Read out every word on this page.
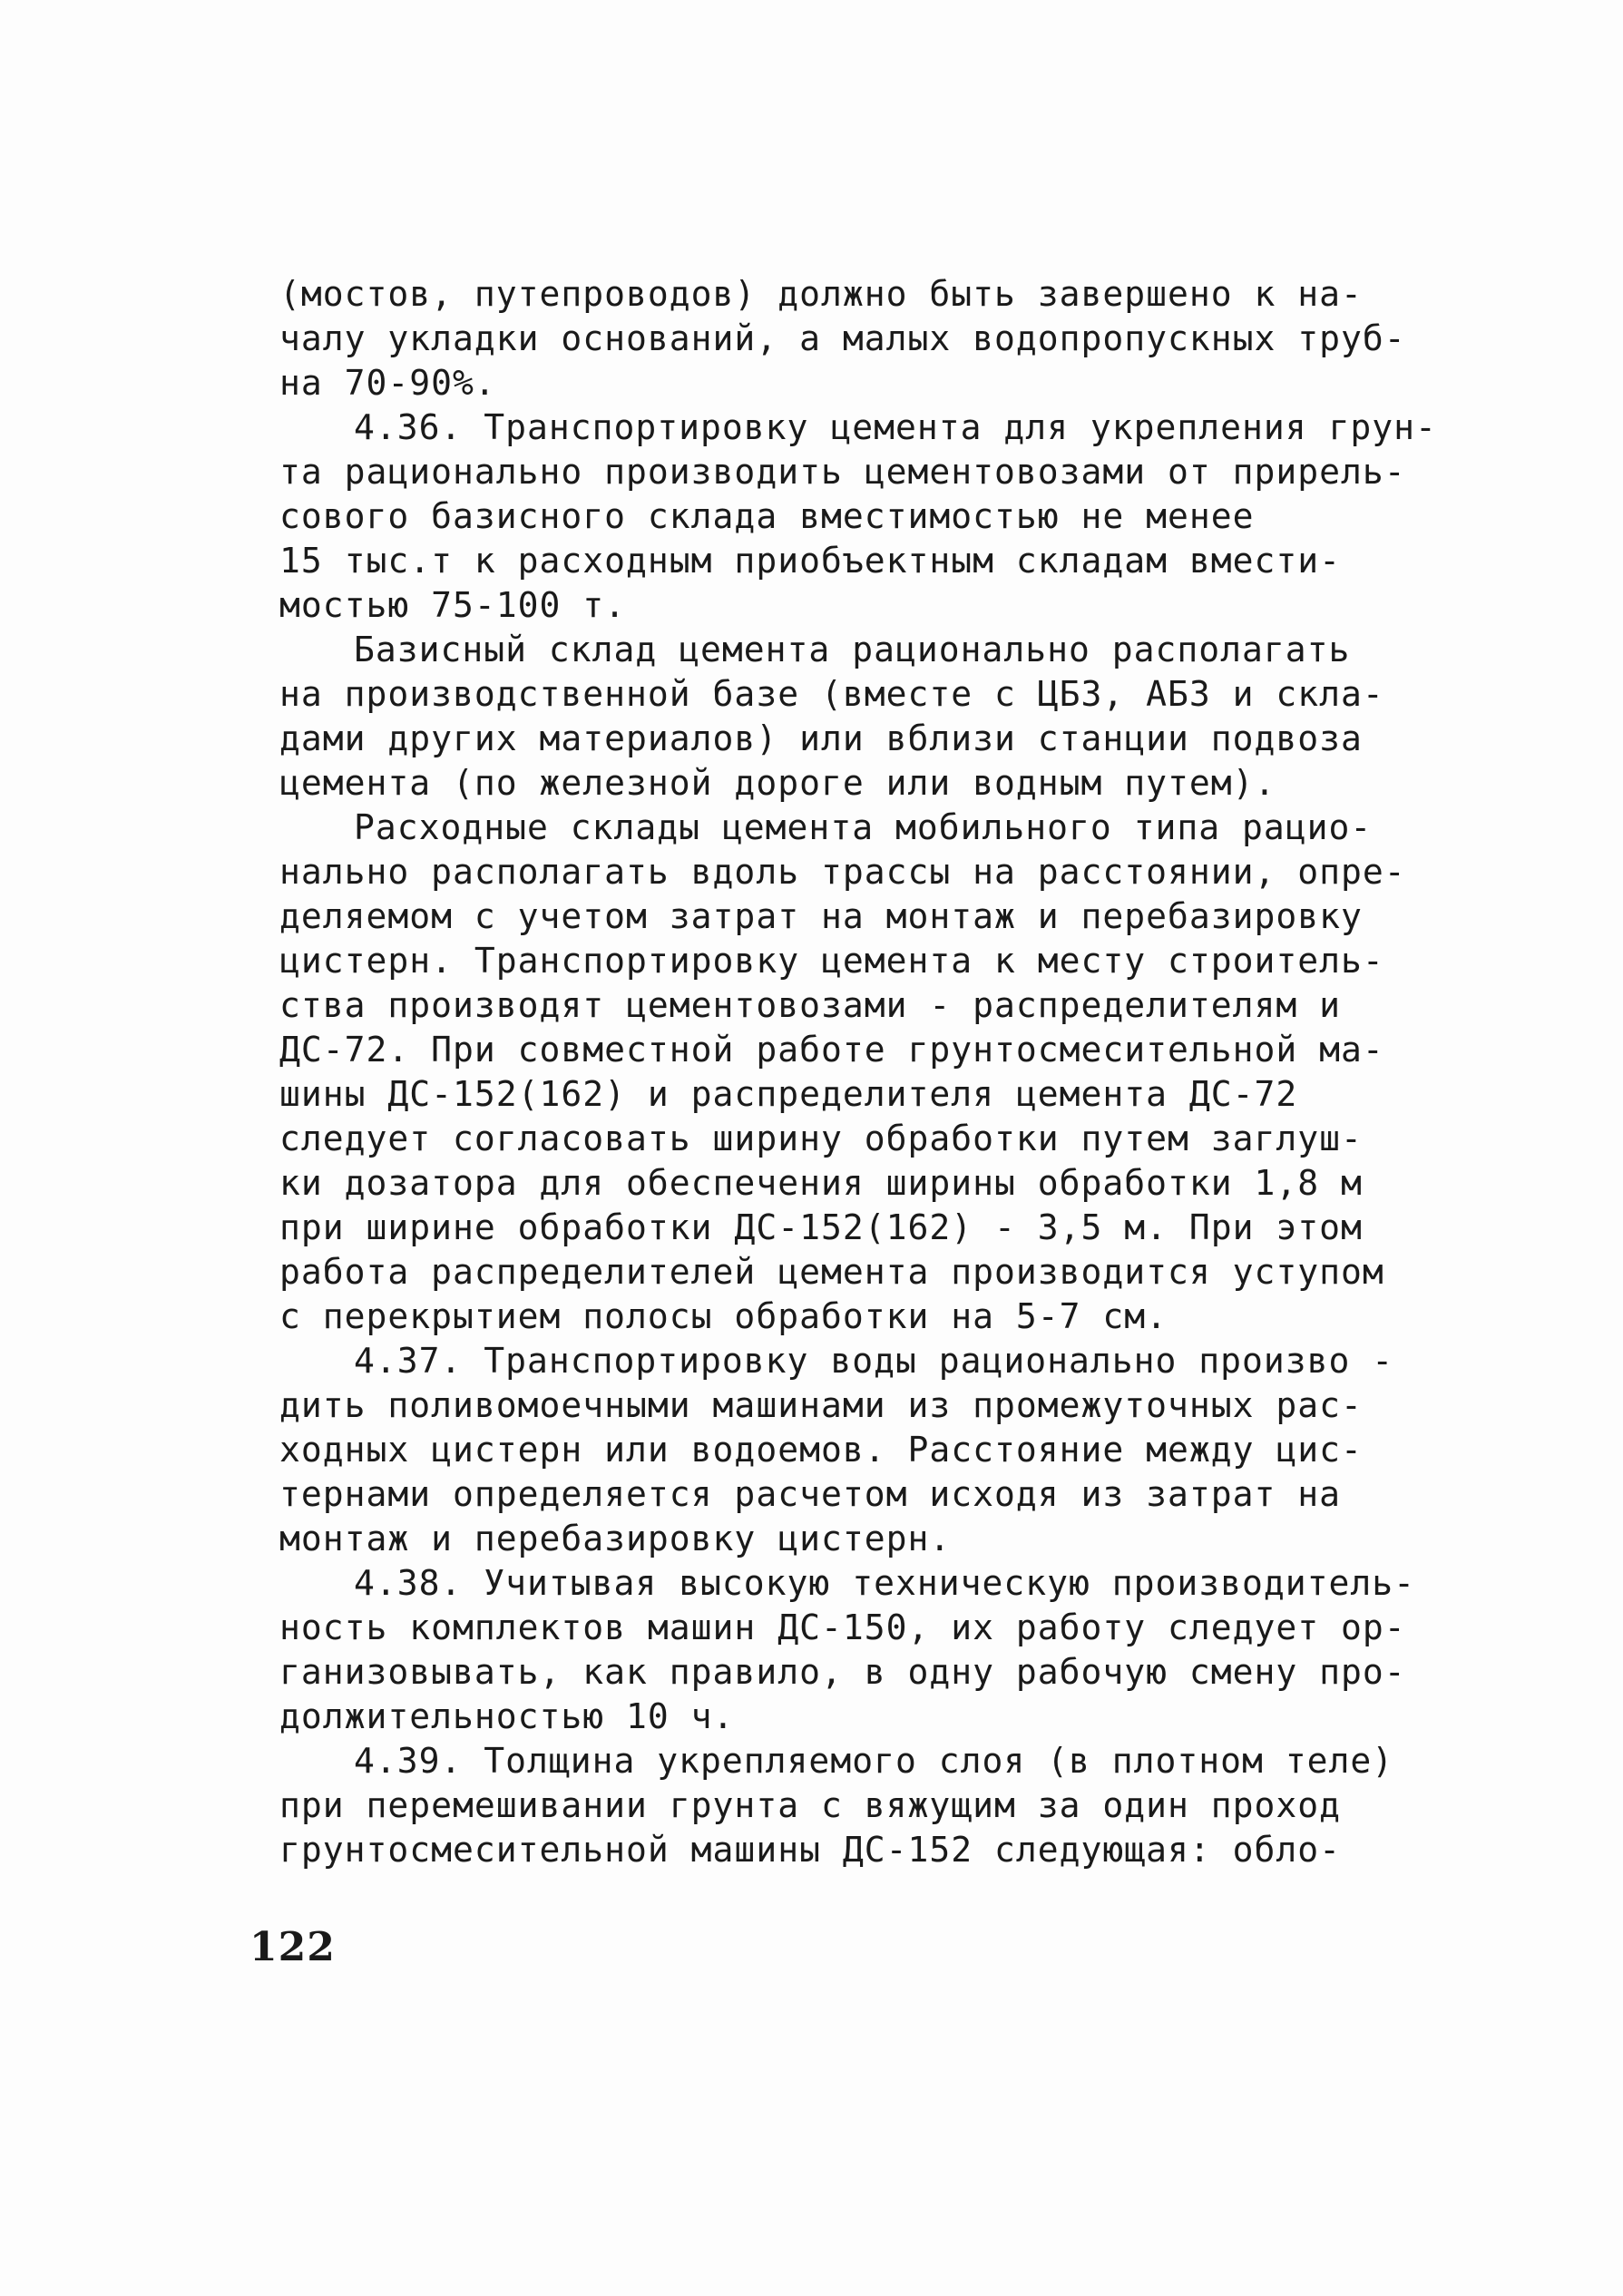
(мостов, путепроводов) должно быть завершено к на-
чалу укладки оснований, а малых водопропускных труб-
на 70-90%.
4.36. Транспортировку цемента для укрепления грун-
та рационально производить цементовозами от прирель-
сового базисного склада вместимостью не менее
15 тыс.т к расходным приобъектным складам вмести-
мостью 75-100 т.
Базисный склад цемента рационально располагать
на производственной базе (вместе с ЦБЗ, АБЗ и скла-
дами других материалов) или вблизи станции подвоза
цемента (по железной дороге или водным путем).
Расходные склады цемента мобильного типа рацио-
нально располагать вдоль трассы на расстоянии, опре-
деляемом с учетом затрат на монтаж и перебазировку
цистерн. Транспортировку цемента к месту строитель-
ства производят цементовозами - распределителям и
ДС-72. При совместной работе грунтосмесительной ма-
шины ДС-152(162) и распределителя цемента ДС-72
следует согласовать ширину обработки путем заглуш-
ки дозатора для обеспечения ширины обработки 1,8 м
при ширине обработки ДС-152(162) - 3,5 м. При этом
работа распределителей цемента производится уступом
с перекрытием полосы обработки на 5-7 см.
4.37. Транспортировку воды рационально произво -
дить поливомоечными машинами из промежуточных рас-
ходных цистерн или водоемов. Расстояние между цис-
тернами определяется расчетом исходя из затрат на
монтаж и перебазировку цистерн.
4.38. Учитывая высокую техническую производитель-
ность комплектов машин ДС-150, их работу следует ор-
ганизовывать, как правило, в одну рабочую смену про-
должительностью 10 ч.
4.39. Толщина укрепляемого слоя (в плотном теле)
при перемешивании грунта с вяжущим за один проход
грунтосмесительной машины ДС-152 следующая: обло-
122
